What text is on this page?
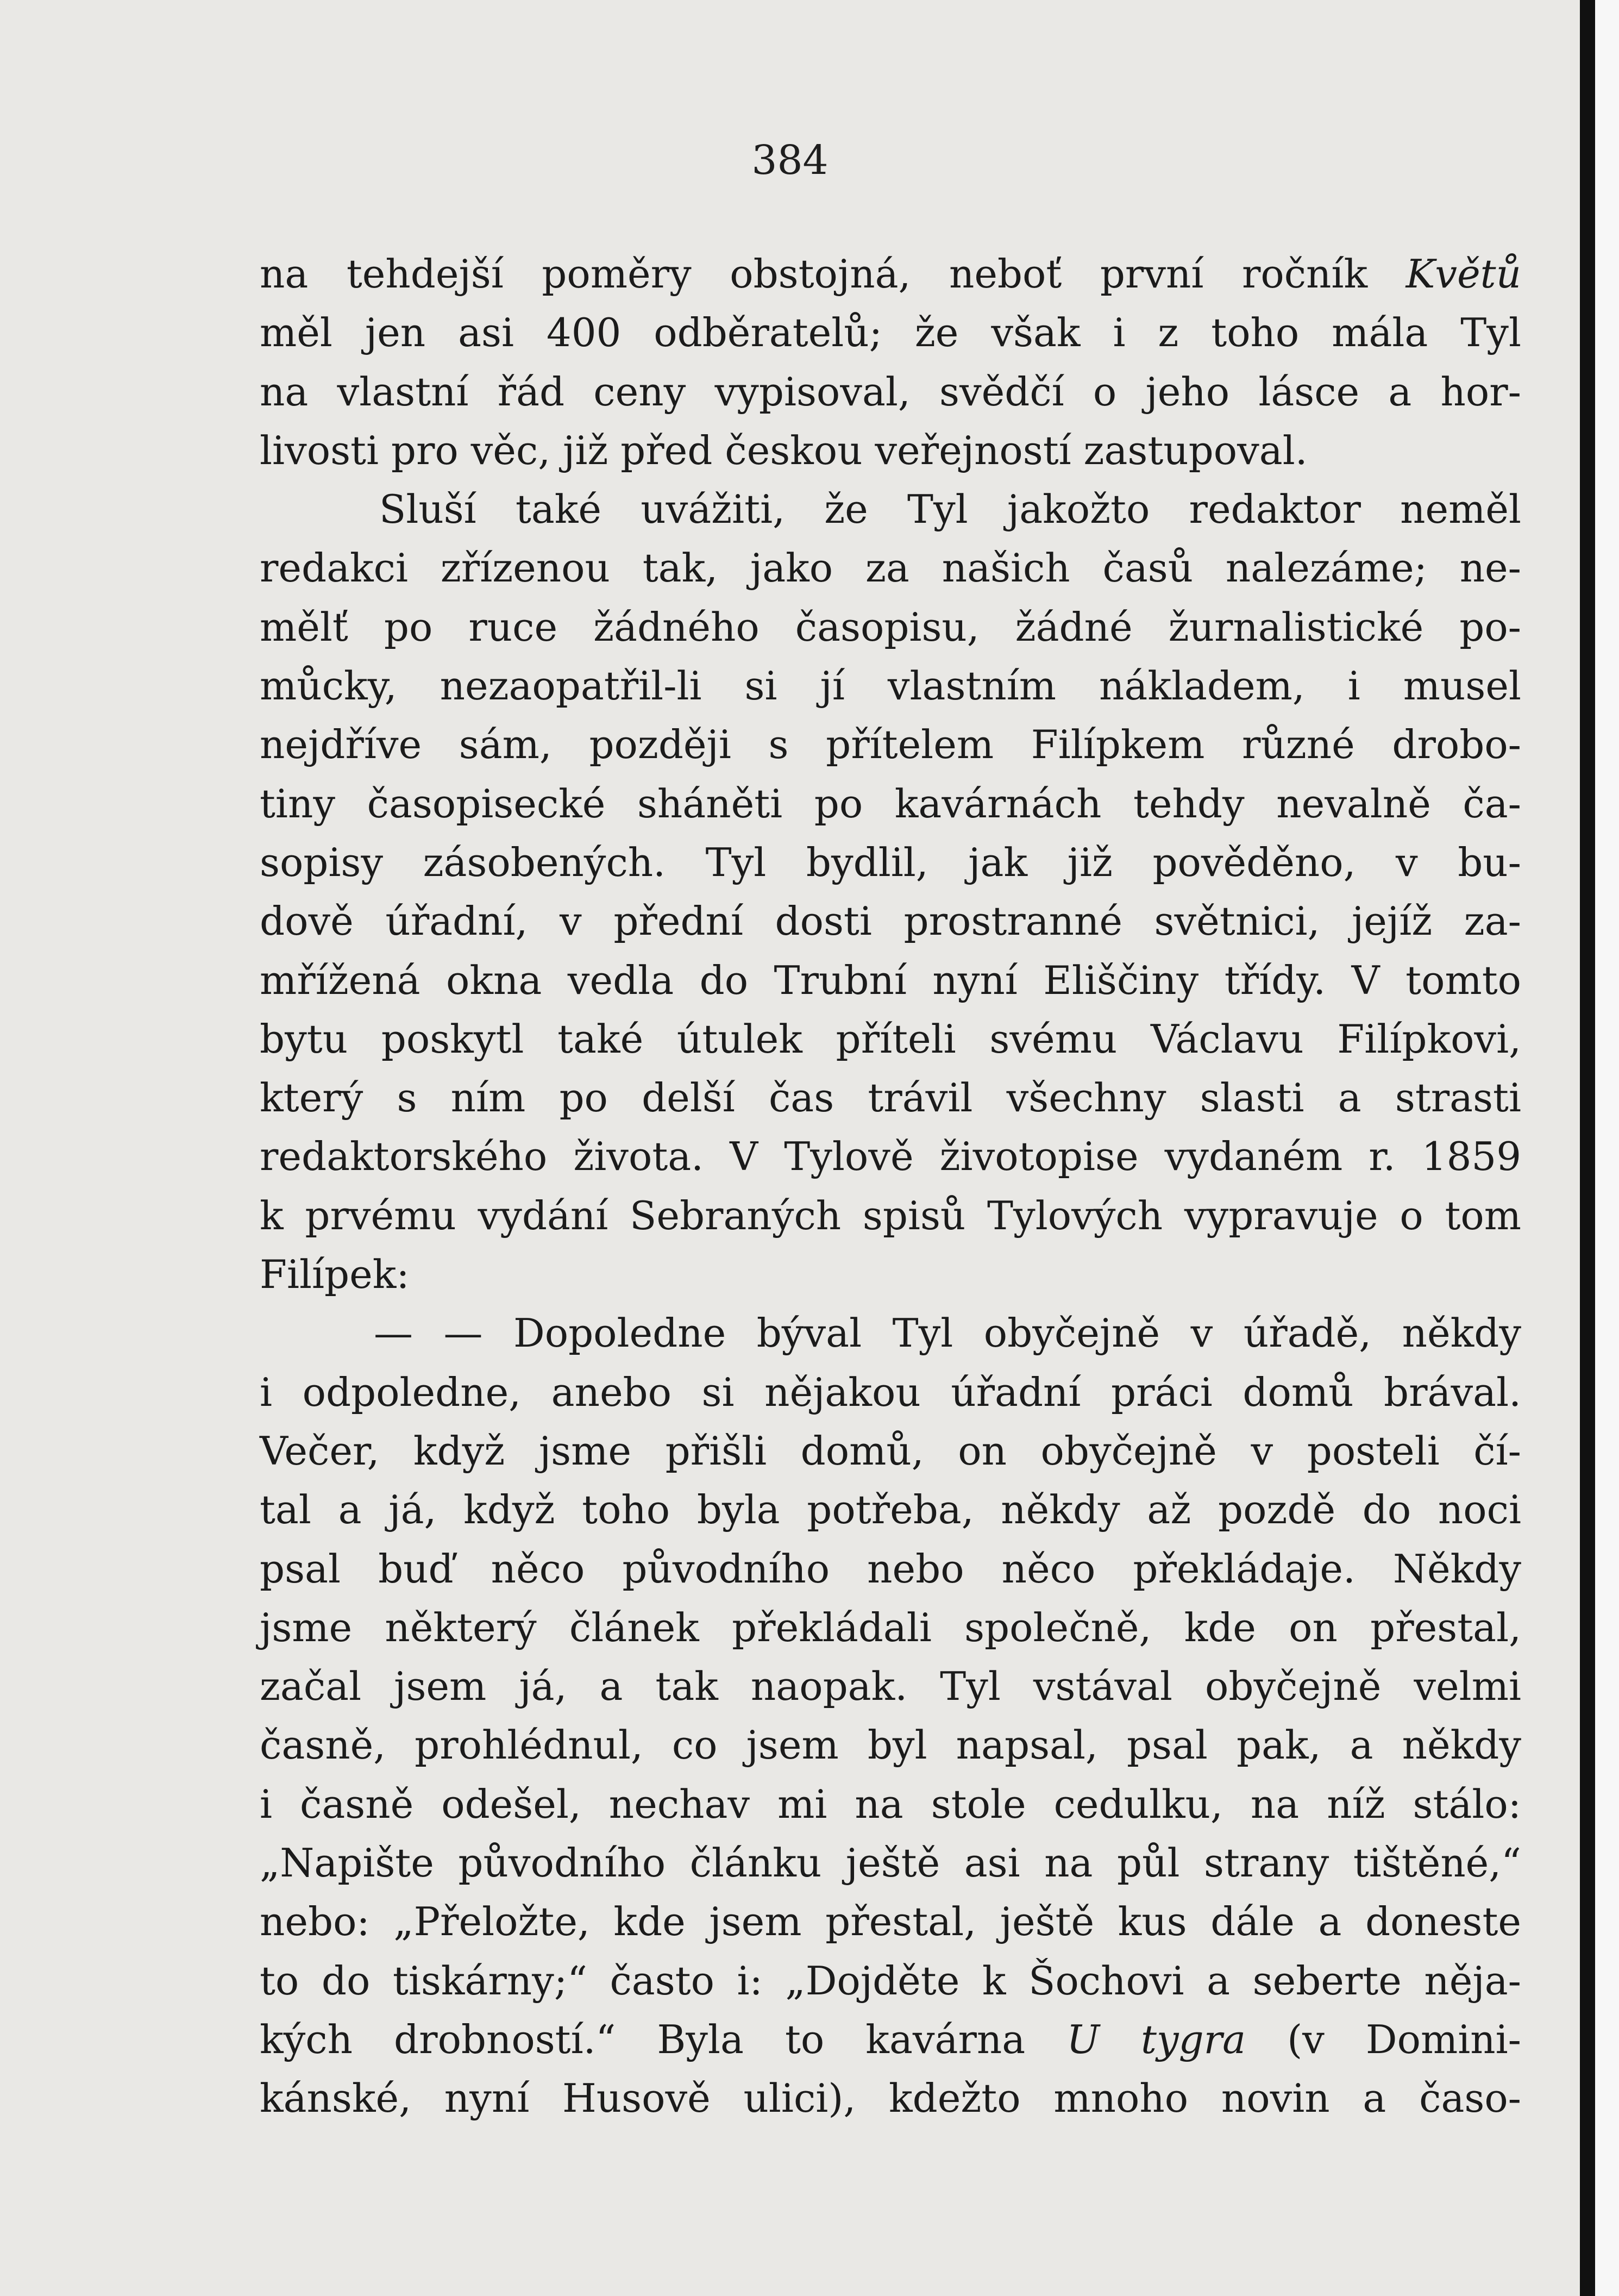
384
na tehdejší poměry obstojná, neboť první ročník Květů
měl jen asi 400 odběratelů; že však i z toho mála Tyl
na vlastní řád ceny vypisoval, svědčí o jeho lásce a hor-
livosti pro věc, již před českou veřejností zastupoval.
Sluší také uvážiti, že Tyl jakožto redaktor neměl
redakci zřízenou tak, jako za našich časů nalezáme; ne-
mělť po ruce žádného časopisu, žádné žurnalistické po-
můcky, nezaopatřil-li si jí vlastním nákladem, i musel
nejdříve sám, později s přítelem Filípkem různé drobo-
tiny časopisecké sháněti po kavárnách tehdy nevalně ča-
sopisy zásobených. Tyl bydlil, jak již pověděno, v bu-
dově úřadní, v přední dosti prostranné světnici, jejíž za-
mřížená okna vedla do Trubní nyní Eliščiny třídy. V tomto
bytu poskytl také útulek příteli svému Václavu Filípkovi,
který s ním po delší čas trávil všechny slasti a strasti
redaktorského života. V Tylově životopise vydaném r. 1859
k prvému vydání Sebraných spisů Tylových vypravuje o tom
Filípek:
— — Dopoledne býval Tyl obyčejně v úřadě, někdy
i odpoledne, anebo si nějakou úřadní práci domů brával.
Večer, když jsme přišli domů, on obyčejně v posteli čí-
tal a já, když toho byla potřeba, někdy až pozdě do noci
psal buď něco původního nebo něco překládaje. Někdy
jsme některý článek překládali společně, kde on přestal,
začal jsem já, a tak naopak. Tyl vstával obyčejně velmi
časně, prohlédnul, co jsem byl napsal, psal pak, a někdy
i časně odešel, nechav mi na stole cedulku, na níž stálo:
„Napište původního článku ještě asi na půl strany tištěné,“
nebo: „Přeložte, kde jsem přestal, ještě kus dále a doneste
to do tiskárny;“ často i: „Dojděte k Šochovi a seberte něja-
kých drobností.“ Byla to kavárna U tygra (v Domini-
kánské, nyní Husově ulici), kdežto mnoho novin a časo-
